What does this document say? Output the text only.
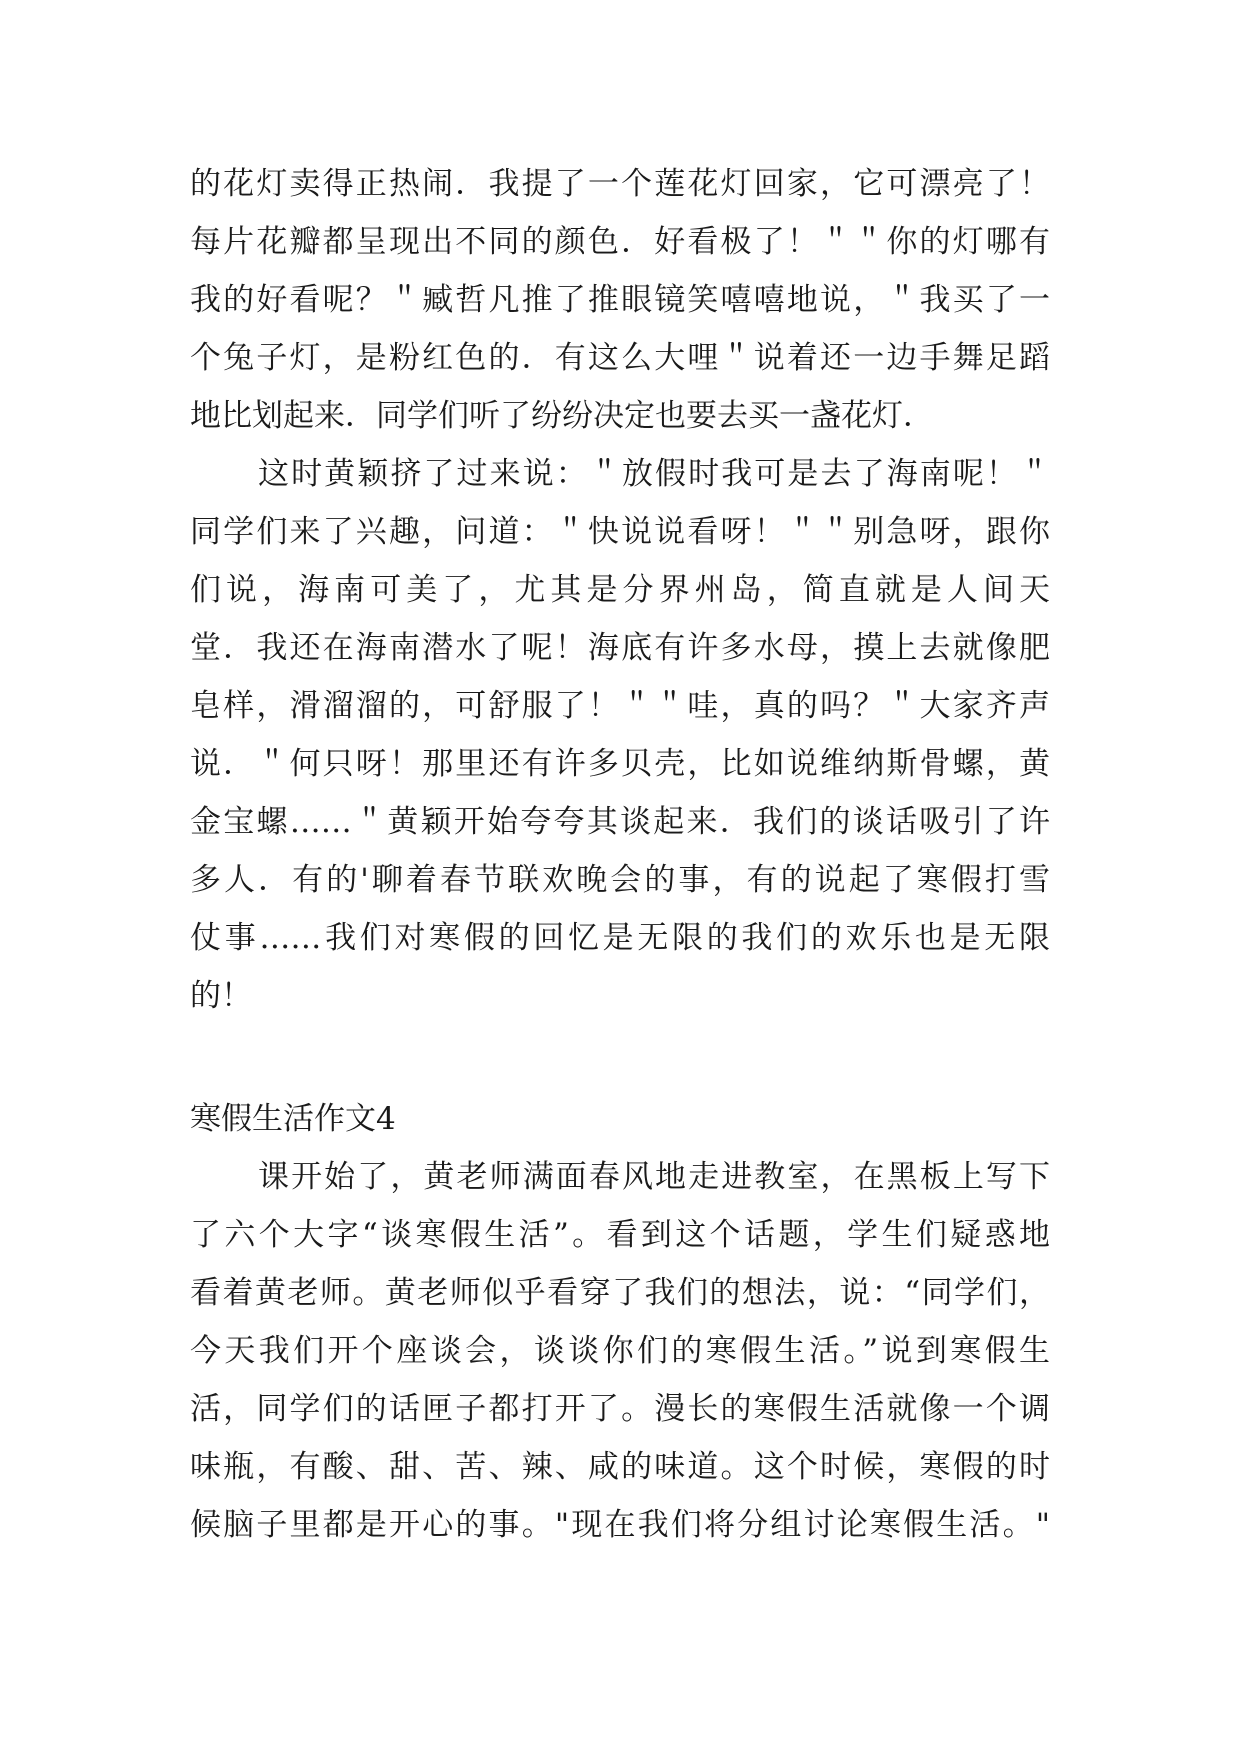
的花灯卖得正热闹．我提了一个莲花灯回家，它可漂亮了！
每片花瓣都呈现出不同的颜色．好看极了！＂＂你的灯哪有
我的好看呢？＂臧哲凡推了推眼镜笑嘻嘻地说，＂我买了一
个兔子灯，是粉红色的．有这么大哩＂说着还一边手舞足蹈
地比划起来．同学们听了纷纷决定也要去买一盏花灯．
这时黄颖挤了过来说：＂放假时我可是去了海南呢！＂
同学们来了兴趣，问道：＂快说说看呀！＂＂别急呀，跟你
们说，海南可美了，尤其是分界州岛，简直就是人间天
堂．我还在海南潜水了呢！海底有许多水母，摸上去就像肥
皂样，滑溜溜的，可舒服了！＂＂哇，真的吗？＂大家齐声
说．＂何只呀！那里还有许多贝壳，比如说维纳斯骨螺，黄
金宝螺……＂黄颖开始夸夸其谈起来．我们的谈话吸引了许
多人．有的'聊着春节联欢晚会的事，有的说起了寒假打雪
仗事……我们对寒假的回忆是无限的我们的欢乐也是无限
的！
寒假生活作文4
课开始了，黄老师满面春风地走进教室，在黑板上写下
了六个大字“谈寒假生活”。看到这个话题，学生们疑惑地
看着黄老师。黄老师似乎看穿了我们的想法，说：“同学们，
今天我们开个座谈会，谈谈你们的寒假生活。”说到寒假生
活，同学们的话匣子都打开了。漫长的寒假生活就像一个调
味瓶，有酸、甜、苦、辣、咸的味道。这个时候，寒假的时
候脑子里都是开心的事。"现在我们将分组讨论寒假生活。"
